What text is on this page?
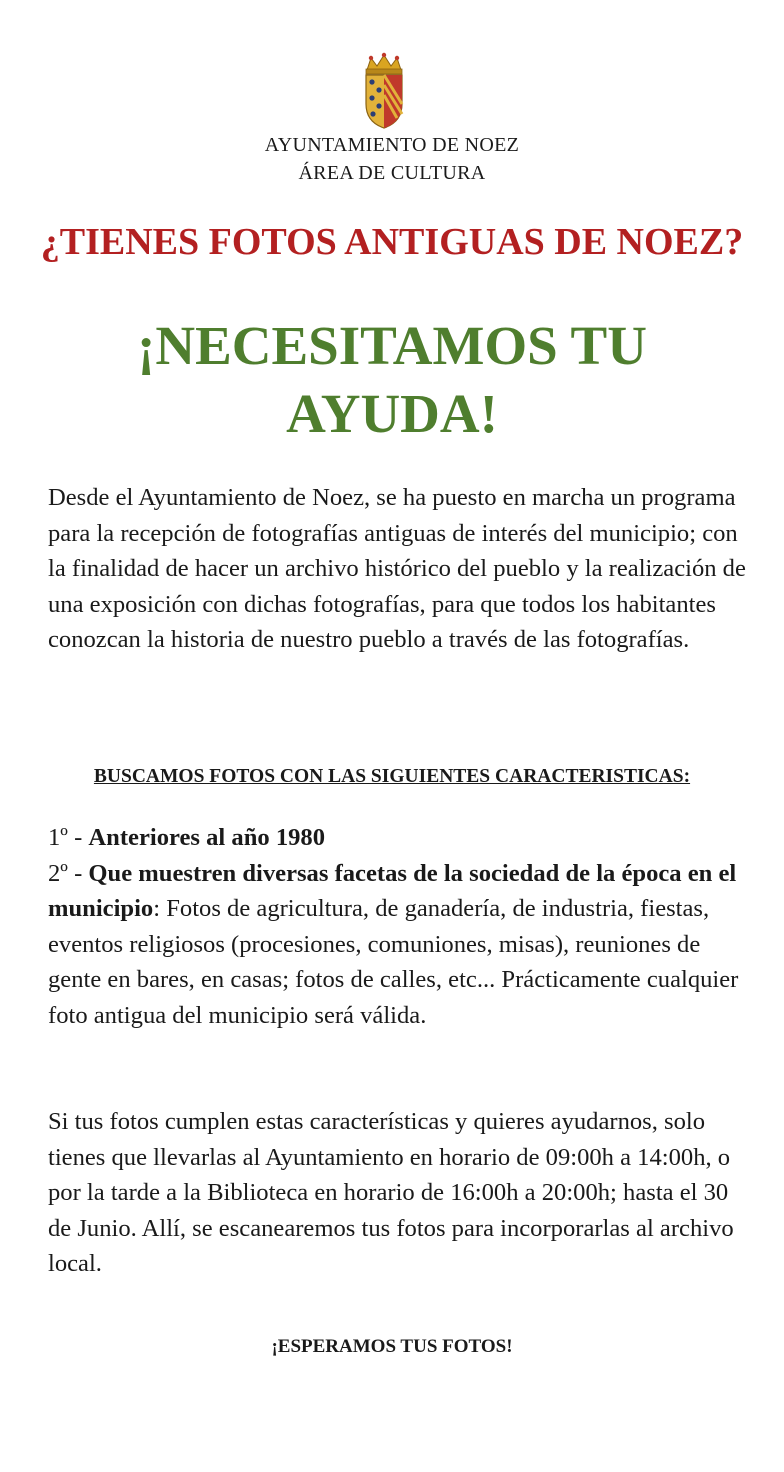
AYUNTAMIENTO DE NOEZ
ÁREA DE CULTURA
¿TIENES FOTOS ANTIGUAS DE NOEZ?
¡NECESITAMOS TU AYUDA!

Desde el Ayuntamiento de Noez, se ha puesto en marcha un programa para la recepción de fotografías antiguas de interés del municipio; con la finalidad de hacer un archivo histórico del pueblo y la realización de una exposición con dichas fotografías, para que todos los habitantes conozcan la historia de nuestro pueblo a través de las fotografías.

BUSCAMOS FOTOS CON LAS SIGUIENTES CARACTERISTICAS:
1º - Anteriores al año 1980
2º - Que muestren diversas facetas de la sociedad de la época en el municipio: Fotos de agricultura, de ganadería, de industria, fiestas, eventos religiosos (procesiones, comuniones, misas), reuniones de gente en bares, en casas; fotos de calles, etc... Prácticamente cualquier foto antigua del municipio será válida.

Si tus fotos cumplen estas características y quieres ayudarnos, solo tienes que llevarlas al Ayuntamiento en horario de 09:00h a 14:00h, o por la tarde a la Biblioteca en horario de 16:00h a 20:00h; hasta el 30 de Junio. Allí, se escanearemos tus fotos para incorporarlas al archivo local.

¡ESPERAMOS TUS FOTOS!
